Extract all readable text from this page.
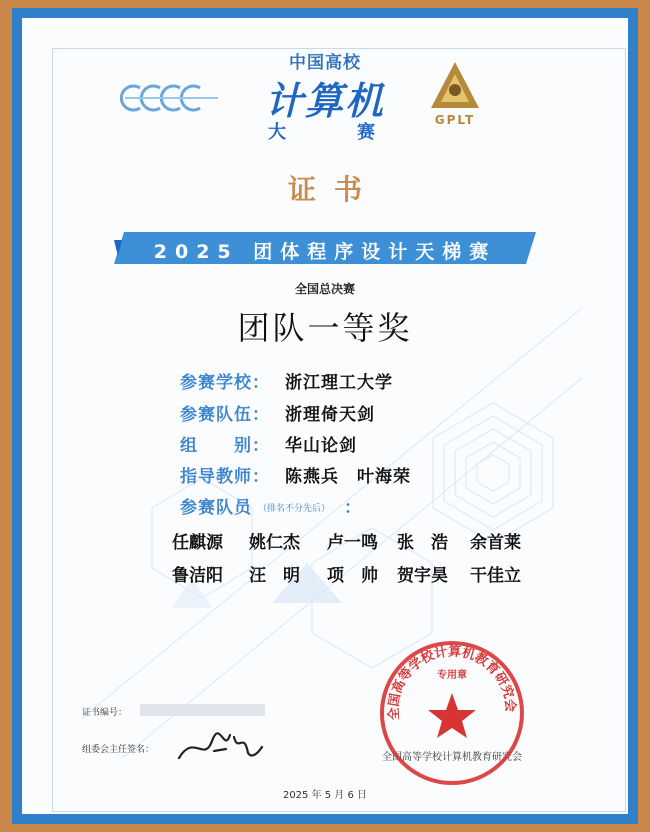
中国高校
计算机
大	赛
GPLT
证书
2025 团体程序设计天梯赛
全国总决赛
团队一等奖
参赛学校： 浙江理工大学
参赛队伍： 浙理倚天剑
组　　别： 华山论剑
指导教师： 陈燕兵　叶海荣
参赛队员 （排名不分先后） ：
任麒源 姚仁杰 卢一鸣 张　浩 余首莱
鲁洁阳 汪　明 项　帅 贺宇昊 干佳立
证书编号：
组委会主任签名：
全国高等学校计算机教育研究会
2025 年 5 月 6 日
全国高等学校计算机教育研究会
专用章
